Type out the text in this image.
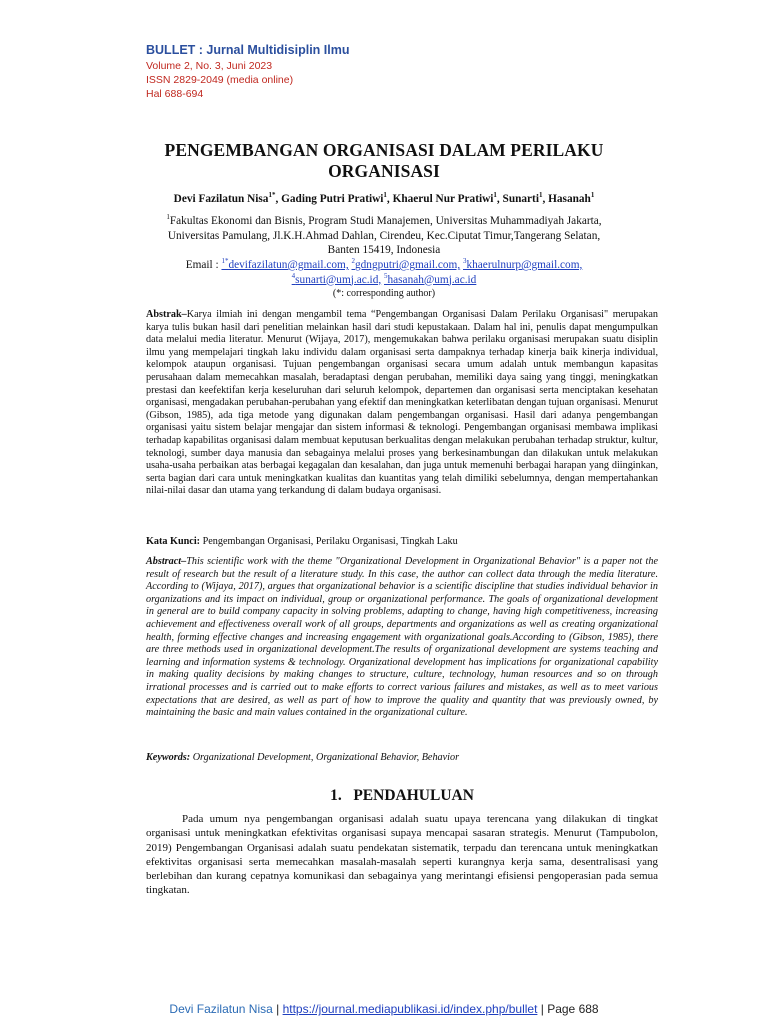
BULLET : Jurnal Multidisiplin Ilmu
Volume 2, No. 3, Juni 2023
ISSN 2829-2049 (media online)
Hal 688-694
PENGEMBANGAN ORGANISASI DALAM PERILAKU
ORGANISASI
Devi Fazilatun Nisa$^{1*}$, Gading Putri Pratiwi$^1$, Khaerul Nur Pratiwi$^1$, Sunarti$^1$, Hasanah$^1$
$^1$Fakultas Ekonomi dan Bisnis, Program Studi Manajemen, Universitas Muhammadiyah Jakarta,
Universitas Pamulang, Jl.K.H.Ahmad Dahlan, Cirendeu, Kec.Ciputat Timur,Tangerang Selatan,
Banten 15419, Indonesia
Email : $^{1*}$devifazilatun@gmail.com, $^2$gdngputri@gmail.com, $^3$khaerulnurp@gmail.com,
$^4$sunarti@umj.ac.id, $^5$hasanah@umj.ac.id
(*: corresponding author)
Abstrak–Karya ilmiah ini dengan mengambil tema “Pengembangan Organisasi Dalam Perilaku Organisasi" merupakan karya tulis bukan hasil dari penelitian melainkan hasil dari studi kepustakaan. Dalam hal ini, penulis dapat mengumpulkan data melalui media literatur. Menurut (Wijaya, 2017), mengemukakan bahwa perilaku organisasi merupakan suatu disiplin ilmu yang mempelajari tingkah laku individu dalam organisasi serta dampaknya terhadap kinerja baik kinerja individual, kelompok ataupun organisasi. Tujuan pengembangan organisasi secara umum adalah untuk membangun kapasitas perusahaan dalam memecahkan masalah, beradaptasi dengan perubahan, memiliki daya saing yang tinggi, meningkatkan prestasi dan keefektifan kerja keseluruhan dari seluruh kelompok, departemen dan organisasi serta menciptakan kesehatan organisasi, mengadakan perubahan-perubahan yang efektif dan meningkatkan keterlibatan dengan tujuan organisasi. Menurut (Gibson, 1985), ada tiga metode yang digunakan dalam pengembangan organisasi. Hasil dari adanya pengembangan organisasi yaitu sistem belajar mengajar dan sistem informasi & teknologi. Pengembangan organisasi membawa implikasi terhadap kapabilitas organisasi dalam membuat keputusan berkualitas dengan melakukan perubahan terhadap struktur, kultur, teknologi, sumber daya manusia dan sebagainya melalui proses yang berkesinambungan dan dilakukan untuk melakukan usaha-usaha perbaikan atas berbagai kegagalan dan kesalahan, dan juga untuk memenuhi berbagai harapan yang diinginkan, serta bagian dari cara untuk meningkatkan kualitas dan kuantitas yang telah dimiliki sebelumnya, dengan mempertahankan nilai-nilai dasar dan utama yang terkandung di dalam budaya organisasi.
Kata Kunci: Pengembangan Organisasi, Perilaku Organisasi, Tingkah Laku
Abstract–This scientific work with the theme "Organizational Development in Organizational Behavior" is a paper not the result of research but the result of a literature study. In this case, the author can collect data through the media literature. According to (Wijaya, 2017), argues that organizational behavior is a scientific discipline that studies individual behavior in organizations and its impact on individual, group or organizational performance. The goals of organizational development in general are to build company capacity in solving problems, adapting to change, having high competitiveness, increasing achievement and effectiveness overall work of all groups, departments and organizations as well as creating organizational health, forming effective changes and increasing engagement with organizational goals.According to (Gibson, 1985), there are three methods used in organizational development.The results of organizational development are systems teaching and learning and information systems & technology. Organizational development has implications for organizational capability in making quality decisions by making changes to structure, culture, technology, human resources and so on through irrational processes and is carried out to make efforts to correct various failures and mistakes, as well as to meet various expectations that are desired, as well as part of how to improve the quality and quantity that was previously owned, by maintaining the basic and main values contained in the organizational culture.
Keywords: Organizational Development, Organizational Behavior, Behavior
1. PENDAHULUAN
Pada umum nya pengembangan organisasi adalah suatu upaya terencana yang dilakukan di tingkat organisasi untuk meningkatkan efektivitas organisasi supaya mencapai sasaran strategis. Menurut (Tampubolon, 2019) Pengembangan Organisasi adalah suatu pendekatan sistematik, terpadu dan terencana untuk meningkatkan efektivitas organisasi serta memecahkan masalah-masalah seperti kurangnya kerja sama, desentralisasi yang berlebihan dan kurang cepatnya komunikasi dan sebagainya yang merintangi efisiensi pengoperasian pada semua tingkatan.
Devi Fazilatun Nisa | https://journal.mediapublikasi.id/index.php/bullet | Page 688
